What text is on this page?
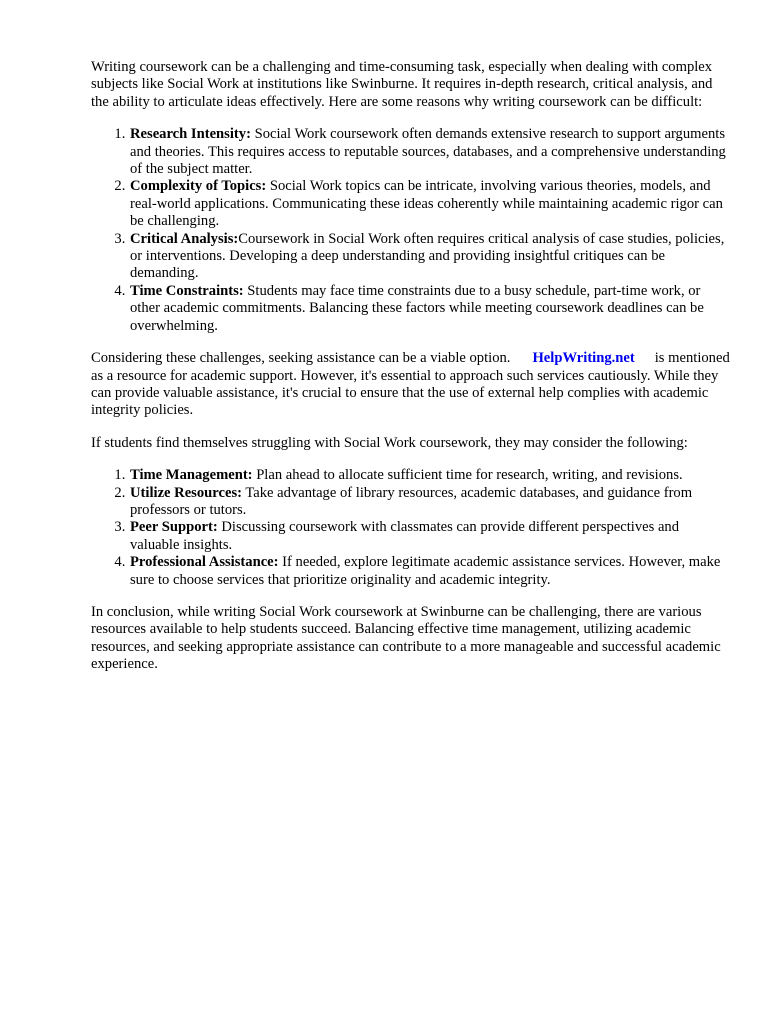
Writing coursework can be a challenging and time-consuming task, especially when dealing with complex subjects like Social Work at institutions like Swinburne. It requires in-depth research, critical analysis, and the ability to articulate ideas effectively. Here are some reasons why writing coursework can be difficult:

1. Research Intensity: Social Work coursework often demands extensive research to support arguments and theories. This requires access to reputable sources, databases, and a comprehensive understanding of the subject matter.
2. Complexity of Topics: Social Work topics can be intricate, involving various theories, models, and real-world applications. Communicating these ideas coherently while maintaining academic rigor can be challenging.
3. Critical Analysis:Coursework in Social Work often requires critical analysis of case studies, policies, or interventions. Developing a deep understanding and providing insightful critiques can be demanding.
4. Time Constraints: Students may face time constraints due to a busy schedule, part-time work, or other academic commitments. Balancing these factors while meeting coursework deadlines can be overwhelming.

Considering these challenges, seeking assistance can be a viable option. HelpWriting.net is mentioned as a resource for academic support. However, it's essential to approach such services cautiously. While they can provide valuable assistance, it's crucial to ensure that the use of external help complies with academic integrity policies.

If students find themselves struggling with Social Work coursework, they may consider the following:

1. Time Management: Plan ahead to allocate sufficient time for research, writing, and revisions.
2. Utilize Resources: Take advantage of library resources, academic databases, and guidance from professors or tutors.
3. Peer Support: Discussing coursework with classmates can provide different perspectives and valuable insights.
4. Professional Assistance: If needed, explore legitimate academic assistance services. However, make sure to choose services that prioritize originality and academic integrity.

In conclusion, while writing Social Work coursework at Swinburne can be challenging, there are various resources available to help students succeed. Balancing effective time management, utilizing academic resources, and seeking appropriate assistance can contribute to a more manageable and successful academic experience.
